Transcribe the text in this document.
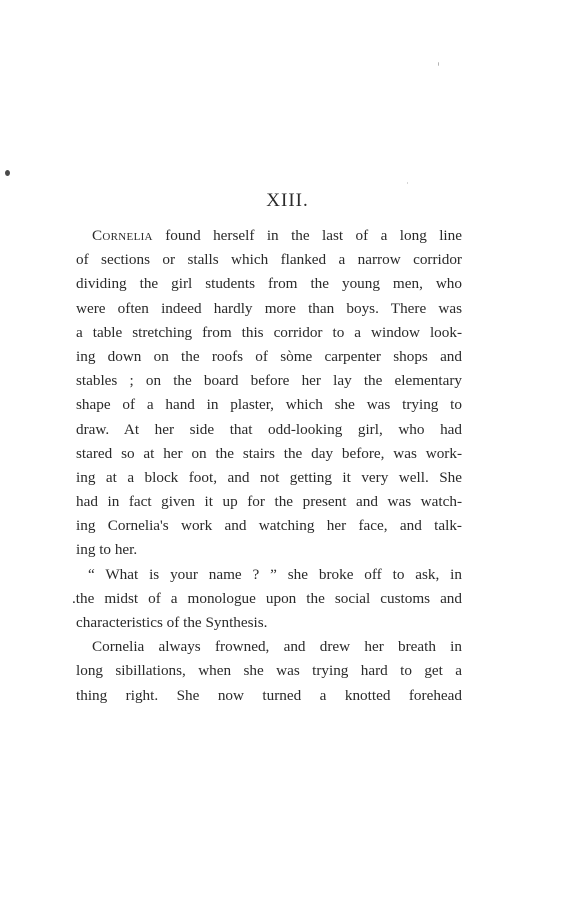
XIII.
Cornelia found herself in the last of a long line
of sections or stalls which flanked a narrow corridor
dividing the girl students from the young men, who
were often indeed hardly more than boys. There was
a table stretching from this corridor to a window look-
ing down on the roofs of sòme carpenter shops and
stables ; on the board before her lay the elementary
shape of a hand in plaster, which she was trying to
draw. At her side that odd-looking girl, who had
stared so at her on the stairs the day before, was work-
ing at a block foot, and not getting it very well. She
had in fact given it up for the present and was watch-
ing Cornelia's work and watching her face, and talk-
ing to her.
“ What is your name ? ” she broke off to ask, in
.the midst of a monologue upon the social customs and
characteristics of the Synthesis.
Cornelia always frowned, and drew her breath in
long sibillations, when she was trying hard to get a
thing right. She now turned a knotted forehead
